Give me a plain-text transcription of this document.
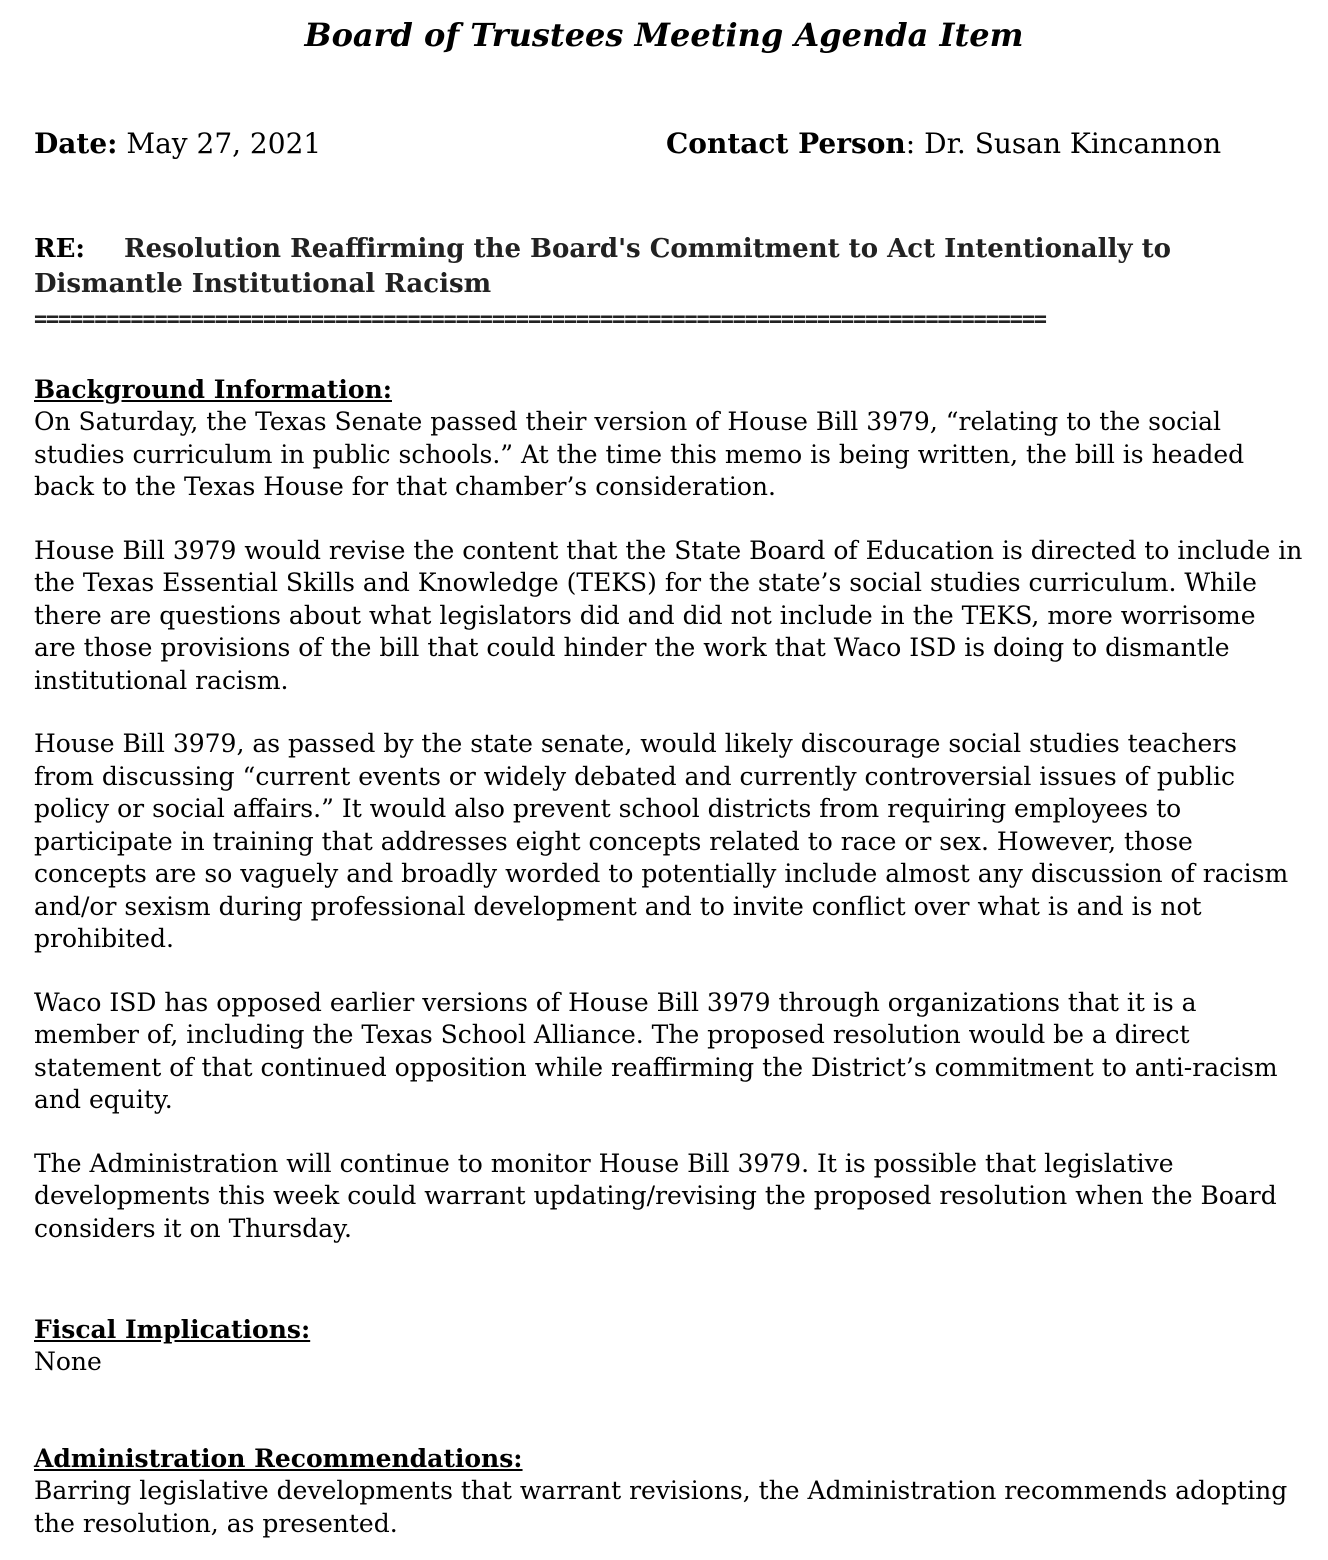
Board of Trustees Meeting Agenda Item
Date: May 27, 2021	Contact Person: Dr. Susan Kincannon

RE: Resolution Reaffirming the Board's Commitment to Act Intentionally to Dismantle Institutional Racism

====================================================================================

Background Information:

On Saturday, the Texas Senate passed their version of House Bill 3979, “relating to the social studies curriculum in public schools.” At the time this memo is being written, the bill is headed back to the Texas House for that chamber’s consideration.

House Bill 3979 would revise the content that the State Board of Education is directed to include in the Texas Essential Skills and Knowledge (TEKS) for the state’s social studies curriculum. While there are questions about what legislators did and did not include in the TEKS, more worrisome are those provisions of the bill that could hinder the work that Waco ISD is doing to dismantle institutional racism.

House Bill 3979, as passed by the state senate, would likely discourage social studies teachers from discussing “current events or widely debated and currently controversial issues of public policy or social affairs.” It would also prevent school districts from requiring employees to participate in training that addresses eight concepts related to race or sex. However, those concepts are so vaguely and broadly worded to potentially include almost any discussion of racism and/or sexism during professional development and to invite conflict over what is and is not prohibited.

Waco ISD has opposed earlier versions of House Bill 3979 through organizations that it is a member of, including the Texas School Alliance. The proposed resolution would be a direct statement of that continued opposition while reaffirming the District’s commitment to anti-racism and equity.

The Administration will continue to monitor House Bill 3979. It is possible that legislative developments this week could warrant updating/revising the proposed resolution when the Board considers it on Thursday.

Fiscal Implications:

None

Administration Recommendations:

Barring legislative developments that warrant revisions, the Administration recommends adopting the resolution, as presented.
